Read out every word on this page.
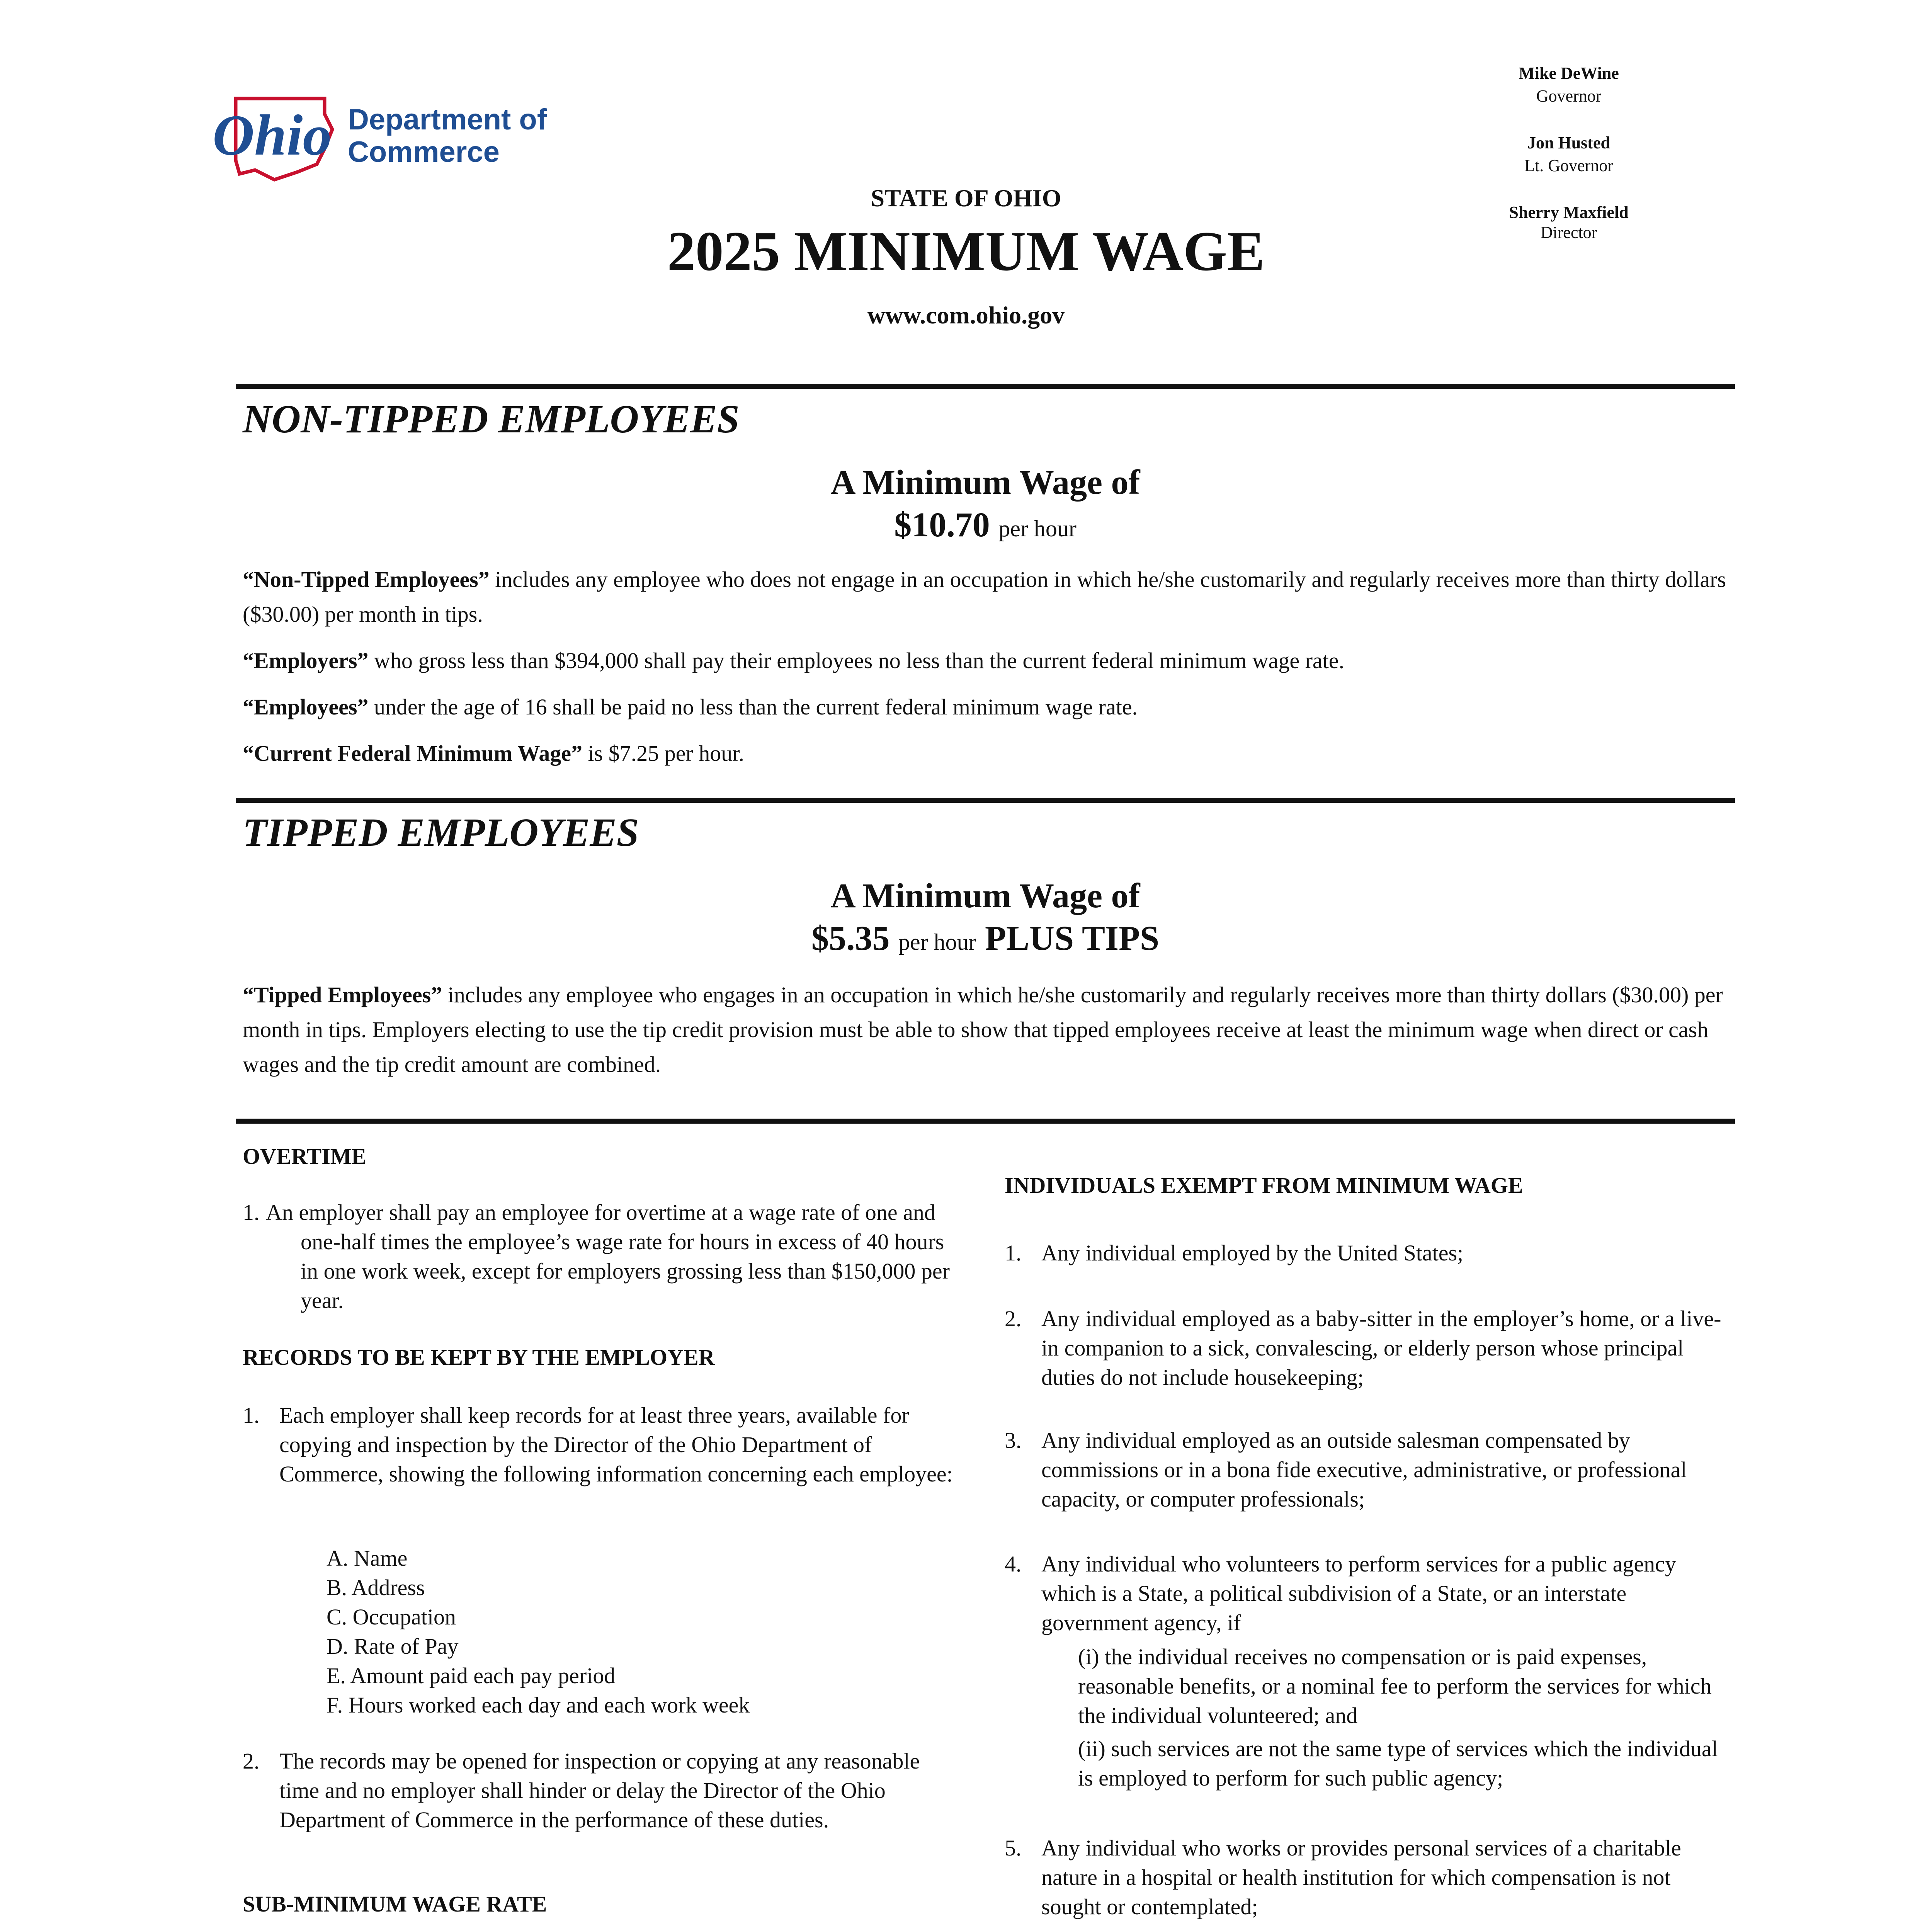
Ohio Department of
Commerce
Mike DeWine
Governor
Jon Husted
Lt. Governor
Sherry Maxfield
Director
STATE OF OHIO
2025 MINIMUM WAGE
www.com.ohio.gov
NON-TIPPED EMPLOYEES
A Minimum Wage of
$10.70 per hour
“Non-Tipped Employees” includes any employee who does not engage in an occupation in which he/she customarily and regularly receives more than thirty dollars ($30.00) per month in tips.
“Employers” who gross less than $394,000 shall pay their employees no less than the current federal minimum wage rate.
“Employees” under the age of 16 shall be paid no less than the current federal minimum wage rate.
“Current Federal Minimum Wage” is $7.25 per hour.
TIPPED EMPLOYEES
A Minimum Wage of
$5.35 per hour PLUS TIPS
“Tipped Employees” includes any employee who engages in an occupation in which he/she customarily and regularly receives more than thirty dollars ($30.00) per month in tips. Employers electing to use the tip credit provision must be able to show that tipped employees receive at least the minimum wage when direct or cash wages and the tip credit amount are combined.
OVERTIME
1. An employer shall pay an employee for overtime at a wage rate of one and one-half times the employee’s wage rate for hours in excess of 40 hours in one work week, except for employers grossing less than $150,000 per year.
RECORDS TO BE KEPT BY THE EMPLOYER
1. Each employer shall keep records for at least three years, available for copying and inspection by the Director of the Ohio Department of Commerce, showing the following information concerning each employee:
A. Name
B. Address
C. Occupation
D. Rate of Pay
E. Amount paid each pay period
F. Hours worked each day and each work week
2. The records may be opened for inspection or copying at any reasonable time and no employer shall hinder or delay the Director of the Ohio Department of Commerce in the performance of these duties.
SUB-MINIMUM WAGE RATE
INDIVIDUALS EXEMPT FROM MINIMUM WAGE
1. Any individual employed by the United States;
2. Any individual employed as a baby-sitter in the employer’s home, or a live-in companion to a sick, convalescing, or elderly person whose principal duties do not include housekeeping;
3. Any individual employed as an outside salesman compensated by commissions or in a bona fide executive, administrative, or professional capacity, or computer professionals;
4. Any individual who volunteers to perform services for a public agency which is a State, a political subdivision of a State, or an interstate government agency, if
(i) the individual receives no compensation or is paid expenses, reasonable benefits, or a nominal fee to perform the services for which the individual volunteered; and
(ii) such services are not the same type of services which the individual is employed to perform for such public agency;
5. Any individual who works or provides personal services of a charitable nature in a hospital or health institution for which compensation is not sought or contemplated;
